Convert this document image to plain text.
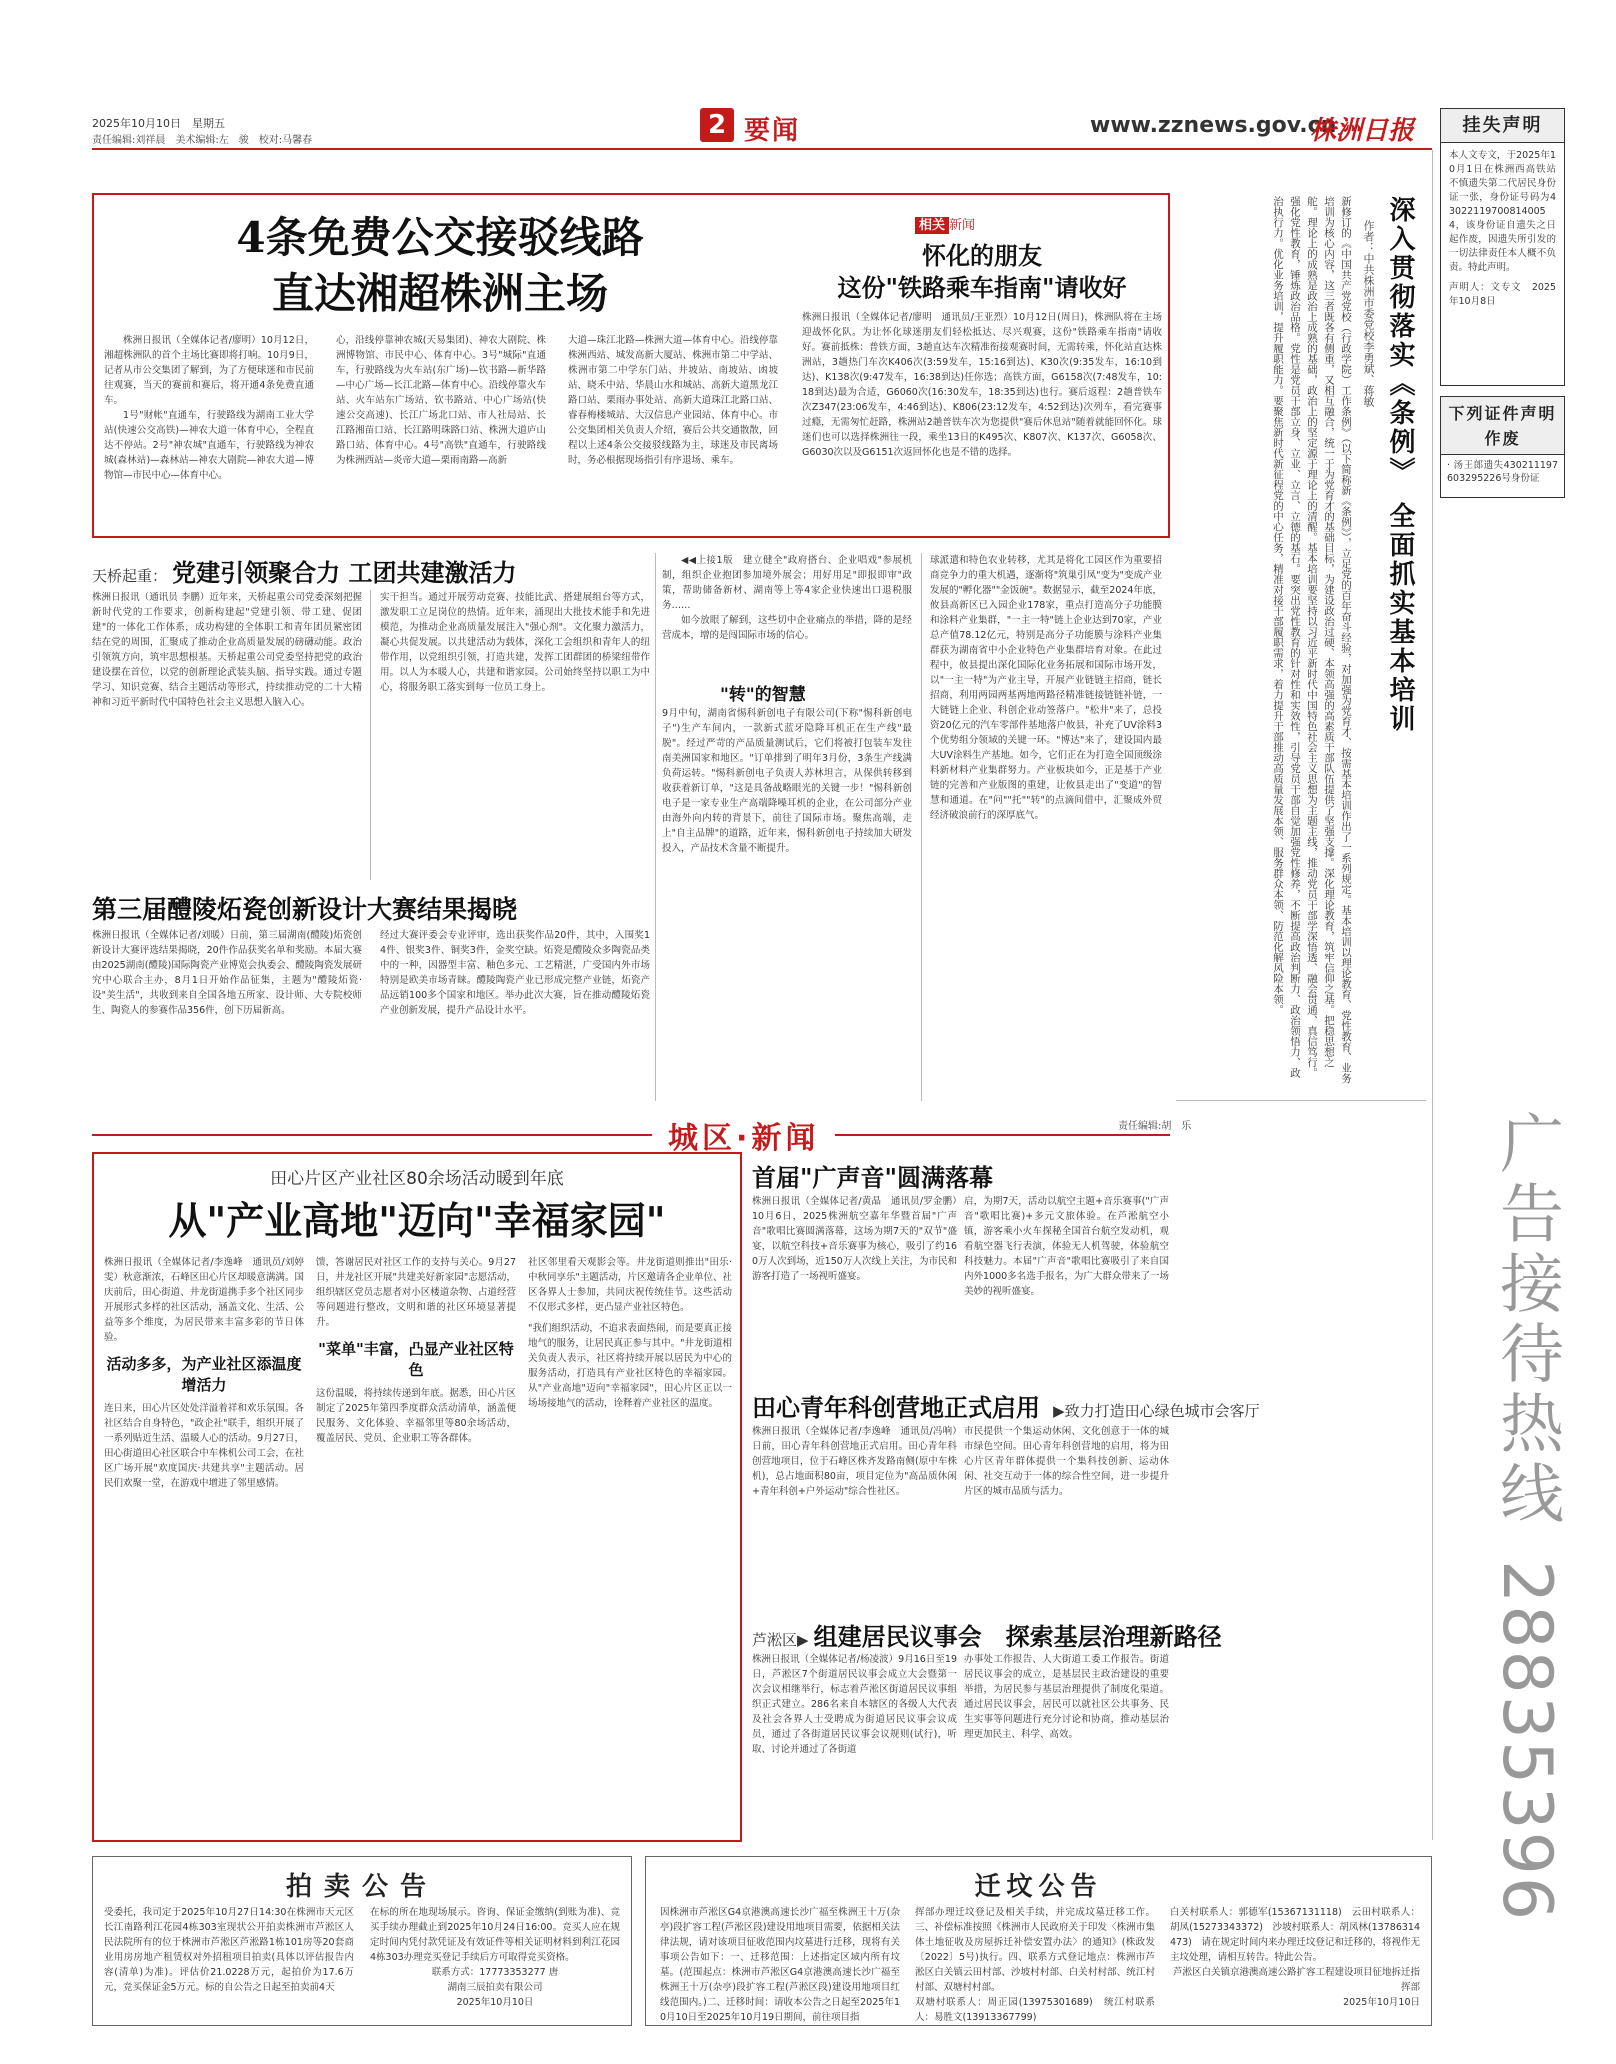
2025年10月10日　星期五
责任编辑:刘祥晨　美术编辑:左　骏　校对:马馨春
2 要闻	www.zznews.gov.cn
株洲日报
4条免费公交接驳线路
直达湘超株洲主场

株洲日报讯（全媒体记者/廖明）10月12日，湘超株洲队的首个主场比赛即将打响。10月9日，记者从市公交集团了解到，为了方便球迷和市民前往观赛，当天的赛前和赛后，将开通4条免费直通车。

1号"财帐"直通车，行驶路线为湖南工业大学站(快速公交高铁)—神农大道一体育中心，全程直达不停站。2号"神农城"直通车，行驶路线为神农城(森林站)—森林站—神农大剧院—神农大道—博物馆—市民中心—体育中心。

心，沿线停靠神农城(天易集团)、神农大剧院、株洲博物馆、市民中心、体育中心。3号"城际"直通车，行驶路线为火车站(东广场)—钦书路—新华路—中心广场—长江北路—体育中心。沿线停靠火车站、火车站东广场站、钦书路站、中心广场站(快速公交高速)、长江广场北口站、市人社局站、长江路湘苗口站、长江路明珠路口站、株洲大道庐山路口站、体育中心。4号"高铁"直通车，行驶路线为株洲西站—炎帝大道—栗雨南路—高新
大道—珠江北路—株洲大道—体育中心。沿线停靠株洲西站、城发高新大厦站、株洲市第二中学站、株洲市第二中学东门站、井坡站、南坡站、凼坡站、晓禾中站、华晨山水和城站、高新大道黑龙江路口站、栗雨办事处站、高新大道珠江北路口站、睿春梅楼城站、大汉信息产业园站、体育中心。市公交集团相关负责人介绍，赛后公共交通散散，回程以上述4条公交接驳线路为主，球迷及市民离场时，务必根据现场指引有序退场、乘车。
相关 新闻
怀化的朋友
这份"铁路乘车指南"请收好
株洲日报讯（全媒体记者/廖明　通讯员/王亚烈）10月12日(周日)，株洲队将在主场迎战怀化队。为让怀化球迷朋友们轻松抵达、尽兴观赛，这份"铁路乘车指南"请收好。赛前抵株：普铁方面，3趟直达车次精准衔接观赛时间，无需转乘，怀化站直达株洲站，3趟热门车次K406次(3:59发车，15:16到达)、K30次(9:35发车，16:10到达)、K138次(9:47发车，16:38到达)任你选；高铁方面，G6158次(7:48发车，10:18到达)最为合适，G6060次(16:30发车，18:35到达)也行。赛后返程：2趟普铁车次Z347(23:06发车，4:46到达)、K806(23:12发车，4:52到达)次列车，看完赛事过瘾，无需匆忙赶路，株洲站2趟普铁车次为您提供"赛后休息站"随着就能回怀化。球迷们也可以选择株洲往一段，乘坐13日的K495次、K807次、K137次、G6058次、G6030次以及G6151次返回怀化也是不错的选择。
天桥起重： 党建引领聚合力 工团共建激活力
株洲日报讯（通讯员 李鹏）近年来，天桥起重公司党委深刻把握新时代党的工作要求，创新构建起"党建引领、带工建、促团建"的一体化工作体系，成功构建的全体职工和青年团员紧密团结在党的周围，汇聚成了推动企业高质量发展的磅礴动能。政治引领筑方向，筑牢思想根基。天桥起重公司党委坚持把党的政治建设摆在首位，以党的创新理论武装头脑、指导实践。通过专题学习、知识竞赛、结合主题活动等形式，持续推动党的二十大精神和习近平新时代中国特色社会主义思想入脑入心。
实干担当。通过开展劳动竞赛、技能比武、搭建展组台等方式，激发职工立足岗位的热情。近年来，涌现出大批技术能手和先进模范，为推动企业高质量发展注入"强心剂"。文化聚力激活力，凝心共促发展。以共建活动为载体，深化工会组织和青年人的纽带作用，以党组织引领，打造共建，发挥工团群团的桥梁纽带作用。以人为本暖人心，共建和谐家园。公司始终坚持以职工为中心，将服务职工落实到每一位员工身上。
第三届醴陵炻瓷创新设计大赛结果揭晓
株洲日报讯（全媒体记者/刘暖）日前，第三届湖南(醴陵)炻瓷创新设计大赛评选结果揭晓，20件作品获奖名单和奖励。本届大赛由2025湖南(醴陵)国际陶瓷产业博览会执委会、醴陵陶瓷发展研究中心联合主办，8月1日开始作品征集，主题为"醴陵炻瓷·设"美生活"，共收到来自全国各地五所家、设计师、大专院校师生、陶瓷人的参赛作品356件，创下历届新高。
经过大赛评委会专业评审，选出获奖作品20件，其中，入围奖14件、银奖3件、铜奖3件，金奖空缺。炻瓷是醴陵众多陶瓷品类中的一种，因器型丰富、釉色多元、工艺精湛，广受国内外市场特别是欧美市场青睐。醴陵陶瓷产业已形成完整产业链，炻瓷产品远销100多个国家和地区。举办此次大赛，旨在推动醴陵炻瓷产业创新发展，提升产品设计水平。

◀◀上接1版　建立健全"政府搭台、企业唱戏"参展机制，组织企业抱团参加境外展会；用好用足"即报即审"政策，帮助储备新材、湖南等上等4家企业快速出口退税服务……

如今放眼了解到，这些切中企业痛点的举措，降的是经营成本，增的是闯国际市场的信心。

"转"的智慧
9月中旬，湖南省惕科新创电子有限公司(下称"惕科新创电子")生产车间内，一款新式蓝牙隐降耳机正在生产线"最脱"。经过严苛的产品质量测试后，它们将被打包装车发往南美洲国家和地区。"订单排到了明年3月份，3条生产线满负荷运转。"惕科新创电子负责人苏林坦言，从保供转移到收获着新订单，"这是具备战略眼光的关键一步！"惕科新创电子是一家专业生产高端降噪耳机的企业，在公司部分产业由海外向内转的背景下，前往了国际市场。聚焦高端，走上"自主品牌"的道路，近年来，惕科新创电子持续加大研发投入，产品技术含量不断提升。
球派遣和特色农业转移，尤其是将化工园区作为重要招商竞争力的重大机遇，逐渐将"筑巢引凤"变为"变成产业发展的"孵化器""金饭碗"。数据显示，截至2024年底，攸县高新区已入园企业178家，重点打造高分子功能膜和涂料产业集群，"一主一特"链上企业达到70家，产业总产值78.12亿元，特别是高分子功能膜与涂料产业集群获为湖南省中小企业特色产业集群培育对象。在此过程中，攸县提出深化国际化业务拓展和国际市场开发，以"一主一特"为产业主导，开展产业链链主招商，链长招商，利用两园两基两地两路径精准链接链链补链，一大链链上企业、科创企业动签落户。"松井"来了，总投资20亿元的汽车零部件基地落户攸县，补充了UV涂料3个优势组分领域的关键一环。"博达"来了，建设国内最大UV涂料生产基地。如今，它们正在为打造全国顶级涂料新材料产业集群努力。产业板块如今，正是基于产业链的完善和产业版图的重建，让攸县走出了"变道"的智慧和通道。在"问""托""转"的点滴间借中，汇聚成外贸经济破浪前行的深厚底气。
城区·新闻	责任编辑:胡　乐
田心片区产业社区80余场活动暖到年底
从"产业高地"迈向"幸福家园"
株洲日报讯（全媒体记者/李逸峰　通讯员/刘婷雯）秋意渐浓，石峰区田心片区却暖意满满。国庆前后，田心街道、井龙街道携手多个社区同步开展形式多样的社区活动，涵盖文化、生活、公益等多个维度，为居民带来丰富多彩的节日体验。
活动多多，为产业社区添温度增活力
连日来，田心片区处处洋溢着祥和欢乐氛围。各社区结合自身特色，"政企社"联手，组织开展了一系列贴近生活、温暖人心的活动。9月27日，田心街道田心社区联合中车株机公司工会，在社区广场开展"欢度国庆·共建共享"主题活动。居民们欢聚一堂，在游戏中增进了邻里感情。
馈，答谢居民对社区工作的支持与关心。9月27日，井龙社区开展"共建美好新家园"志愿活动，组织辖区党员志愿者对小区楼道杂物、占道经营等问题进行整改，文明和谐的社区环境显著提升。
"菜单"丰富，凸显产业社区特色
这份温暖，将持续传递到年底。据悉，田心片区制定了2025年第四季度群众活动清单，涵盖便民服务、文化体验、幸福邻里等80余场活动，覆盖居民、党员、企业职工等各群体。
社区邻里看天观影会等。井龙街道则推出"田乐·中秋同享乐"主题活动，片区邀请各企业单位、社区各界人士参加，共同庆祝传统佳节。这些活动不仅形式多样，更凸显产业社区特色。
"我们组织活动，不追求表面热闹，而是要真正接地气的服务，让居民真正参与其中。"井龙街道相关负责人表示，社区将持续开展以居民为中心的服务活动，打造具有产业社区特色的幸福家园。从"产业高地"迈向"幸福家园"，田心片区正以一场场接地气的活动，诠释着产业社区的温度。
首届"广声音"圆满落幕
株洲日报讯（全媒体记者/黄晶　通讯员/罗金鹏）10月6日，2025株洲航空嘉年华暨首届"广声音"歌唱比赛圆满落幕，这场为期7天的"双节"盛宴，以航空科技+音乐赛事为核心，吸引了约160万人次到场，近150万人次线上关注，为市民和游客打造了一场视听盛宴。
启，为期7天，活动以航空主题+音乐赛事("广声音"歌唱比赛)+多元文旅体验。在芦淞航空小镇，游客乘小火车探秘全国首台航空发动机，观看航空器飞行表演，体验无人机驾驶，体验航空科技魅力。本届"广声音"歌唱比赛吸引了来自国内外1000多名选手报名，为广大群众带来了一场美妙的视听盛宴。
田心青年科创营地正式启用 ▶致力打造田心绿色城市会客厅
株洲日报讯（全媒体记者/李逸峰　通讯员/冯响）日前，田心青年科创营地正式启用。田心青年科创营地项目，位于石峰区株齐发路南侧(原中车株机)，总占地面积80亩，项目定位为"高品质休闲+青年科创+户外运动"综合性社区。
市民提供一个集运动休闲、文化创意于一体的城市绿色空间。田心青年科创营地的启用，将为田心片区青年群体提供一个集科技创新、运动休闲、社交互动于一体的综合性空间，进一步提升片区的城市品质与活力。
芦淞区▶ 组建居民议事会　探索基层治理新路径
株洲日报讯（全媒体记者/杨凌波）9月16日至19日，芦淞区7个街道居民议事会成立大会暨第一次会议相继举行，标志着芦淞区街道居民议事组织正式建立。286名来自本辖区的各级人大代表及社会各界人士受聘成为街道居民议事会议成员，通过了各街道居民议事会议规则(试行)，听取、讨论并通过了各街道
办事处工作报告、人大街道工委工作报告。街道居民议事会的成立，是基层民主政治建设的重要举措，为居民参与基层治理提供了制度化渠道。通过居民议事会，居民可以就社区公共事务、民生实事等问题进行充分讨论和协商，推动基层治理更加民主、科学、高效。
拍卖公告
受委托，我司定于2025年10月27日14:30在株洲市天元区长江南路利江花园4栋303室现状公开拍卖株洲市芦淞区人民法院所有的位于株洲市芦淞区芦淞路1栋101房等20套商业用房房地产租赁权对外招租项目拍卖(具体以评估报告内容(清单)为准)。评估价21.0228万元，起拍价为17.6万元，竞买保证金5万元。标的自公告之日起至拍卖前4天
在标的所在地现场展示。咨询、保证金缴纳(到账为准)、竞买手续办理截止到2025年10月24日16:00。竞买人应在规定时间内凭付款凭证及有效证件等相关证明材料到利江花园4栋303办理竞买登记手续后方可取得竞买资格。
联系方式：17773353277 唐
湖南三辰拍卖有限公司
2025年10月10日
迁坟公告
因株洲市芦淞区G4京港澳高速长沙广福至株洲王十万(杂亭)段扩容工程(芦淞区段)建设用地项目需要，依据相关法律法规，请对该项目征收范围内坟墓进行迁移，现将有关事项公告如下：一、迁移范围：上述指定区域内所有坟墓。(范围起点：株洲市芦淞区G4京港澳高速长沙广福至株洲王十万(杂亭)段扩容工程(芦淞区段)建设用地项目红线范围内。)二、迁移时间：请收本公告之日起至2025年10月10日至2025年10月19日期间，前往项目指
挥部办理迁坟登记及相关手续，并完成坟墓迁移工作。三、补偿标准按照《株洲市人民政府关于印发〈株洲市集体土地征收及房屋拆迁补偿安置办法〉的通知》(株政发〔2022〕5号)执行。四、联系方式登记地点：株洲市芦淞区白关镇云田村部、沙坡村村部、白关村村部、统江村村部、双塘村村部。
双塘村联系人：周正园(13975301689)　统江村联系人：易胜文(13913367799)
白关村联系人：郭德军(15367131118)　云田村联系人：胡凤(15273343372)　沙坡村联系人：胡凤林(13786314473)　请在规定时间内来办理迁坟登记和迁移的，将视作无主坟处理，请相互转告。特此公告。
芦淞区白关镇京港澳高速公路扩容工程建设项目征地拆迁指挥部
2025年10月10日
挂失声明
本人文专文，于2025年10月1日在株洲西高铁站不慎遗失第二代居民身份证一张，身份证号码为430221197008140054，该身份证自遗失之日起作废，因遗失所引发的一切法律责任本人概不负责。特此声明。
声明人：文专文　2025年10月8日
下列证件声明作废
· 汤王郎遗失430211197603295226号身份证
深入贯彻落实《条例》　全面抓实基本培训
作者：中共株洲市委党校李勇斌、蒋敏
新修订的《中国共产党党校（行政学院）工作条例》（以下简称新《条例》），立足党的百年奋斗经验，对加强为党育才、按需基本培训作出了一系列规定。基本培训以理论教育、党性教育、业务培训为核心内容，这三者既各有侧重，又相互融合，统一于为党育才的基础目标，为建设政治过硬、本领高强的高素质干部队伍提供了坚强支撑。深化理论教育，筑牢信仰之基。把稳思想之舵。理论上的成熟是政治上成熟的基础，政治上的坚定源于理论上的清醒。基本培训要坚持以习近平新时代中国特色社会主义思想为主题主线，推动党员干部学深悟透、融会贯通、真信笃行。强化党性教育，锤炼政治品格。党性是党员干部立身、立业、立言、立德的基石。要突出党性教育的针对性和实效性，引导党员干部自觉加强党性修养，不断提高政治判断力、政治领悟力、政治执行力。优化业务培训，提升履职能力。要聚焦新时代新征程党的中心任务，精准对接干部履职需求，着力提升干部推动高质量发展本领、服务群众本领、防范化解风险本领。
广告接待热线
28835396
